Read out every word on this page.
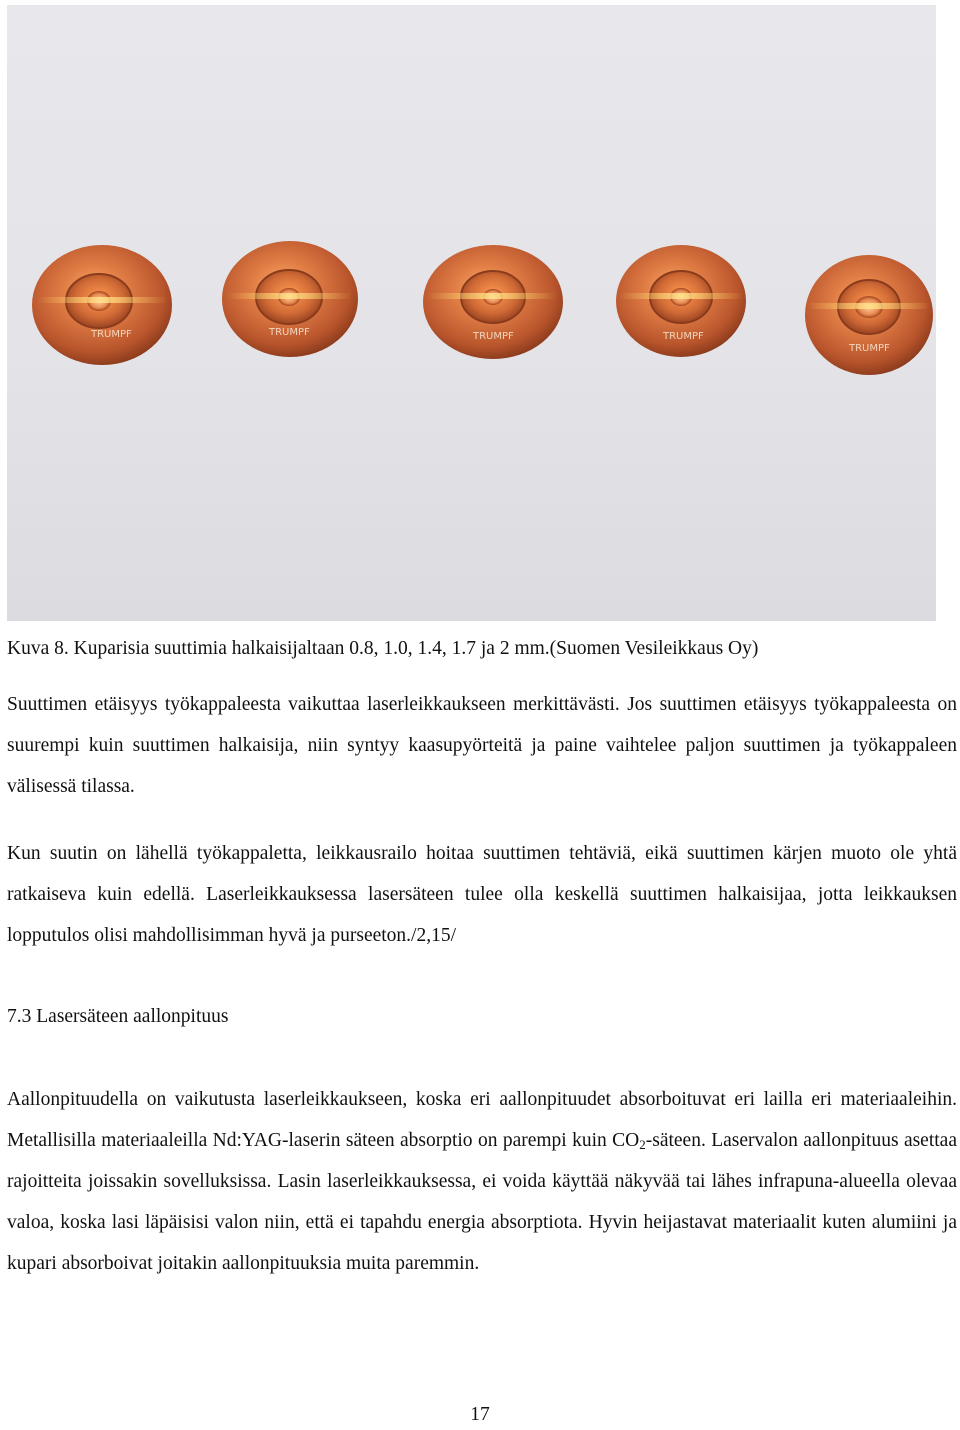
TRUMPF	TRUMPF	TRUMPF	TRUMPF
TRUMPF
Kuva 8. Kuparisia suuttimia halkaisijaltaan 0.8, 1.0, 1.4, 1.7 ja 2 mm.(Suomen Vesileikkaus Oy)

Suuttimen etäisyys työkappaleesta vaikuttaa laserleikkaukseen merkittävästi. Jos suuttimen etäisyys työkappaleesta on suurempi kuin suuttimen halkaisija, niin syntyy kaasupyörteitä ja paine vaihtelee paljon suuttimen ja työkappaleen välisessä tilassa.

Kun suutin on lähellä työkappaletta, leikkausrailo hoitaa suuttimen tehtäviä, eikä suuttimen kärjen muoto ole yhtä ratkaiseva kuin edellä. Laserleikkauksessa lasersäteen tulee olla keskellä suuttimen halkaisijaa, jotta leikkauksen lopputulos olisi mahdollisimman hyvä ja purseeton./2,15/

7.3 Lasersäteen aallonpituus

Aallonpituudella on vaikutusta laserleikkaukseen, koska eri aallonpituudet absorboituvat eri lailla eri materiaaleihin. Metallisilla materiaaleilla Nd:YAG-laserin säteen absorptio on parempi kuin $CO_2$-säteen. Laservalon aallonpituus asettaa rajoitteita joissakin sovelluksissa. Lasin laserleikkauksessa, ei voida käyttää näkyvää tai lähes infrapuna-alueella olevaa valoa, koska lasi läpäisisi valon niin, että ei tapahdu energia absorptiota. Hyvin heijastavat materiaalit kuten alumiini ja kupari absorboivat joitakin aallonpituuksia muita paremmin.

17
